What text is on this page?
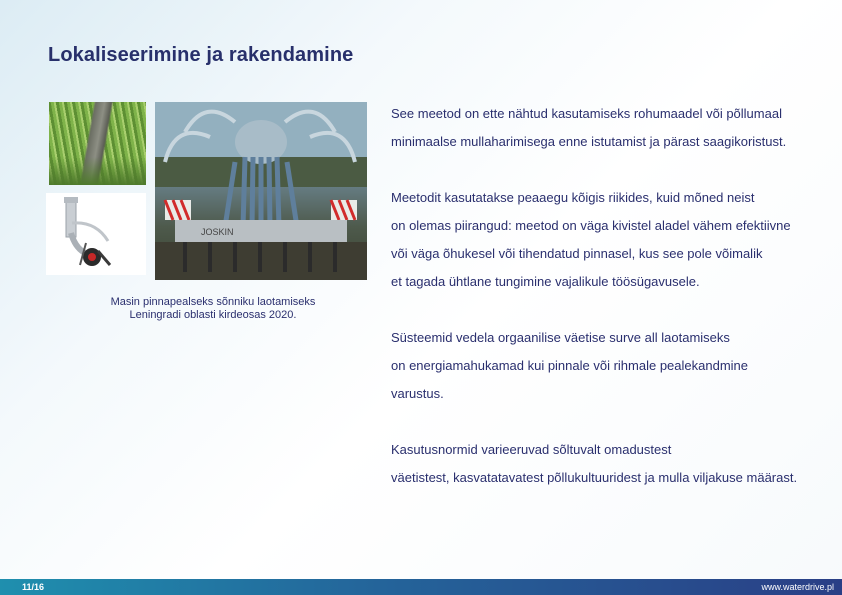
Lokaliseerimine ja rakendamine
JOSKIN
Masin pinnapealseks sõnniku laotamiseks
Leningradi oblasti kirdeosas 2020.

See meetod on ette nähtud kasutamiseks rohumaadel või põllumaal
minimaalse mullaharimisega enne istutamist ja pärast saagikoristust.

Meetodit kasutatakse peaaegu kõigis riikides, kuid mõned neist
on olemas piirangud: meetod on väga kivistel aladel vähem efektiivne
või väga õhukesel või tihendatud pinnasel, kus see pole võimalik
et tagada ühtlane tungimine vajalikule töösügavusele.

Süsteemid vedela orgaanilise väetise surve all laotamiseks
on energiamahukamad kui pinnale või rihmale pealekandmine
varustus.

Kasutusnormid varieeruvad sõltuvalt omadustest
väetistest, kasvatatavatest põllukultuuridest ja mulla viljakuse määrast.

11/16	www.waterdrive.pl
